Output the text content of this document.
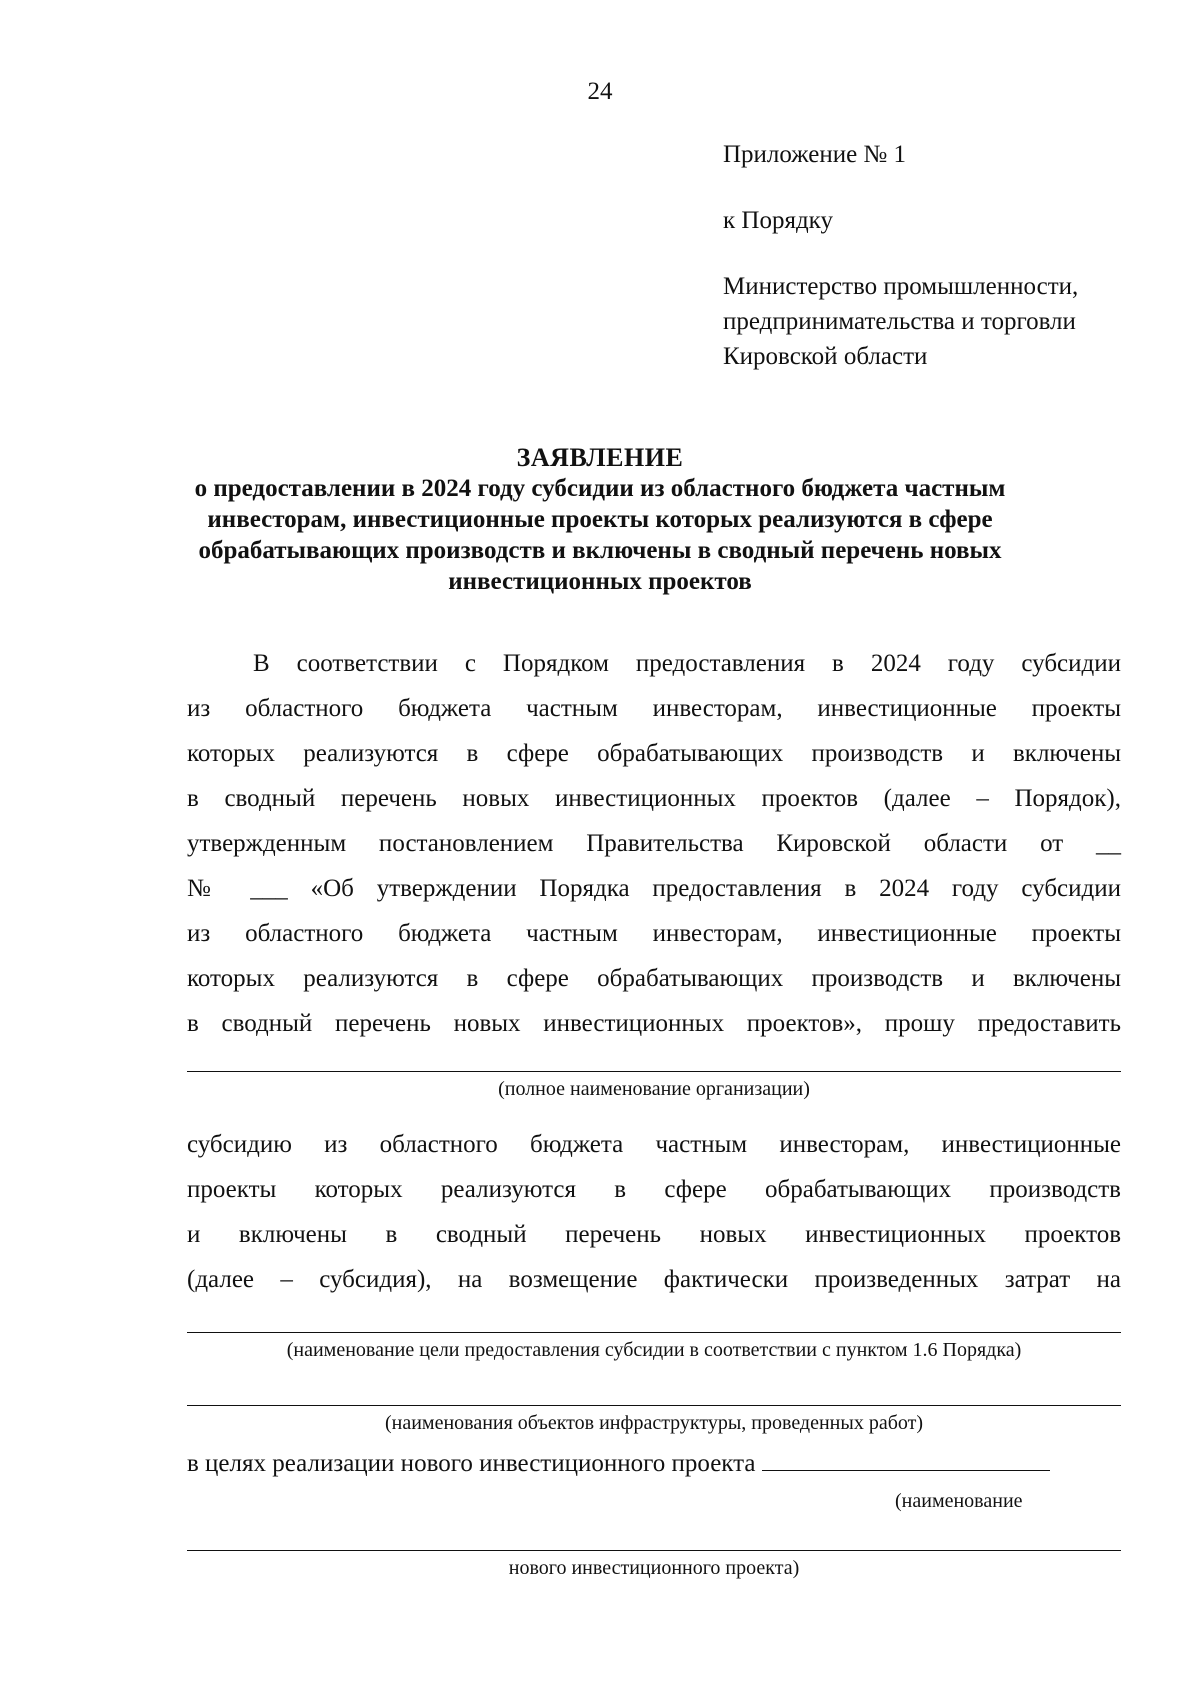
24
Приложение № 1
к Порядку
Министерство промышленности,
предпринимательства и торговли
Кировской области
ЗАЯВЛЕНИЕ
о предоставлении в 2024 году субсидии из областного бюджета частным
инвесторам, инвестиционные проекты которых реализуются в сфере
обрабатывающих производств и включены в сводный перечень новых
инвестиционных проектов
В соответствии с Порядком предоставления в 2024 году субсидии
из областного бюджета частным инвесторам, инвестиционные проекты
которых реализуются в сфере обрабатывающих производств и включены
в сводный перечень новых инвестиционных проектов (далее – Порядок),
утвержденным постановлением Правительства Кировской области от __
№ ___ «Об утверждении Порядка предоставления в 2024 году субсидии
из областного бюджета частным инвесторам, инвестиционные проекты
которых реализуются в сфере обрабатывающих производств и включены
в сводный перечень новых инвестиционных проектов», прошу предоставить
(полное наименование организации)
субсидию из областного бюджета частным инвесторам, инвестиционные
проекты которых реализуются в сфере обрабатывающих производств
и включены в сводный перечень новых инвестиционных проектов
(далее – субсидия), на возмещение фактически произведенных затрат на
(наименование цели предоставления субсидии в соответствии с пунктом 1.6 Порядка)
(наименования объектов инфраструктуры, проведенных работ)
в целях реализации нового инвестиционного проекта
(наименование
нового инвестиционного проекта)
